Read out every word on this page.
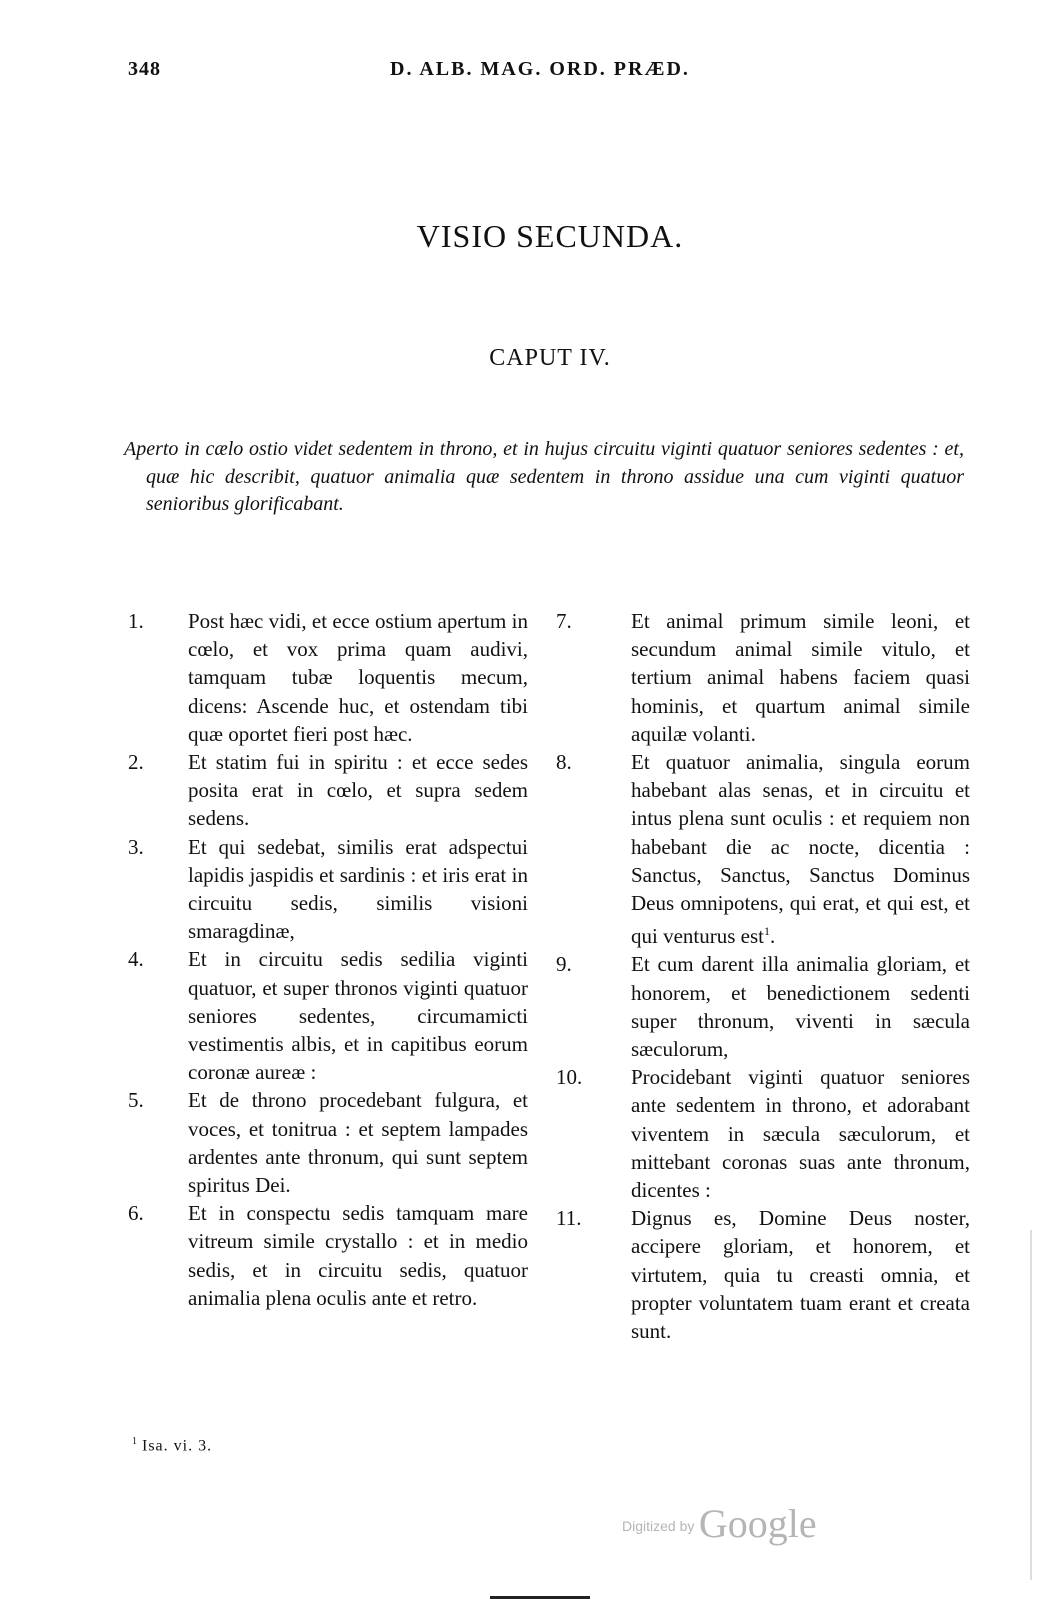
348	D. ALB. MAG. ORD. PRÆD.
VISIO SECUNDA.
CAPUT IV.
Aperto in cælo ostio videt sedentem in throno, et in hujus circuitu viginti quatuor seniores sedentes : et, quæ hic describit, quatuor animalia quæ sedentem in throno assidue una cum viginti quatuor senioribus glorificabant.

1.	Post hæc vidi, et ecce ostium apertum in cœlo, et vox prima quam audivi, tamquam tubæ loquentis mecum, dicens: Ascende huc, et ostendam tibi quæ oportet fieri post hæc.

2.	Et statim fui in spiritu : et ecce sedes posita erat in cœlo, et supra sedem sedens.

3.	Et qui sedebat, similis erat adspectui lapidis jaspidis et sardinis : et iris erat in circuitu sedis, similis visioni smaragdinæ,

4.	Et in circuitu sedis sedilia viginti quatuor, et super thronos viginti quatuor seniores sedentes, circumamicti vestimentis albis, et in capitibus eorum coronæ aureæ :

5.	Et de throno procedebant fulgura, et voces, et tonitrua : et septem lampades ardentes ante thronum, qui sunt septem spiritus Dei.

6.	Et in conspectu sedis tamquam mare vitreum simile crystallo : et in medio sedis, et in circuitu sedis, quatuor animalia plena oculis ante et retro.

7.	Et animal primum simile leoni, et secundum animal simile vitulo, et tertium animal habens faciem quasi hominis, et quartum animal simile aquilæ volanti.

8.	Et quatuor animalia, singula eorum habebant alas senas, et in circuitu et intus plena sunt oculis : et requiem non habebant die ac nocte, dicentia : Sanctus, Sanctus, Sanctus Dominus Deus omnipotens, qui erat, et qui est, et qui venturus est$^1$.

9.	Et cum darent illa animalia gloriam, et honorem, et benedictionem sedenti super thronum, viventi in sæcula sæculorum,

10.	Procidebant viginti quatuor seniores ante sedentem in throno, et adorabant viventem in sæcula sæculorum, et mittebant coronas suas ante thronum, dicentes :

11.	Dignus es, Domine Deus noster, accipere gloriam, et honorem, et virtutem, quia tu creasti omnia, et propter voluntatem tuam erant et creata sunt.

$^1$ Isa. vi. 3.
Digitized by Google
